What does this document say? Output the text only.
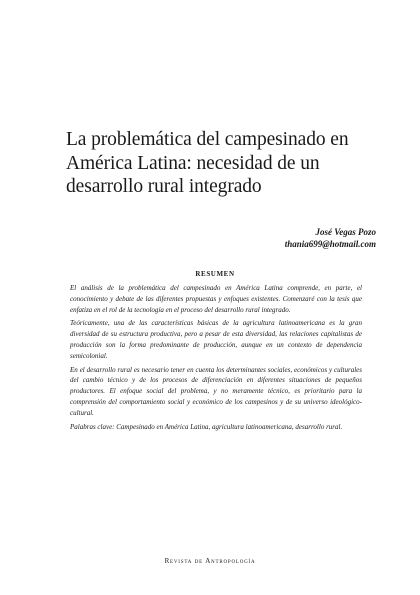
La problemática del campesinado en América Latina: necesidad de un desarrollo rural integrado
José Vegas Pozo
thania699@hotmail.com
RESUMEN

El análisis de la problemática del campesinado en América Latina comprende, en parte, el conocimiento y debate de las diferentes propuestas y enfoques existentes. Comenzaré con la tesis que enfatiza en el rol de la tecnología en el proceso del desarrollo rural integrado.

Teóricamente, una de las características básicas de la agricultura latinoamericana es la gran diversidad de su estructura productiva, pero a pesar de esta diversidad, las relaciones capitalistas de producción son la forma predominante de producción, aunque en un contexto de dependencia semicolonial.

En el desarrollo rural es necesario tener en cuenta los determinantes sociales, económicos y culturales del cambio técnico y de los procesos de diferenciación en diferentes situaciones de pequeños productores. El enfoque social del problema, y no meramente técnico, es prioritario para la comprensión del comportamiento social y económico de los campesinos y de su universo ideológico-cultural.

Palabras clave: Campesinado en América Latina, agricultura latinoamericana, desarrollo rural.

Revista de Antropología
